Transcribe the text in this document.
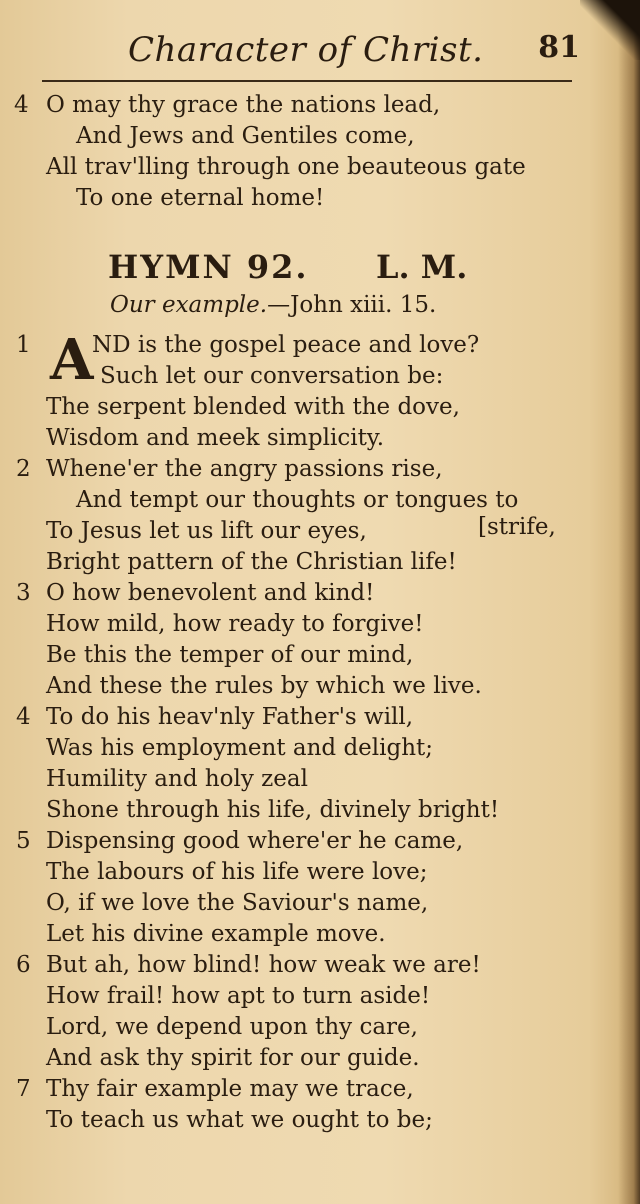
Character of Christ. 81
4 O may thy grace the nations lead,
And Jews and Gentiles come,
All trav'lling through one beauteous gate
To one eternal home!
HYMN 92. L. M.
Our example.—John xiii. 15.
1 A
ND is the gospel peace and love?
Such let our conversation be:
The serpent blended with the dove,
Wisdom and meek simplicity.
2 Whene'er the angry passions rise,
And tempt our thoughts or tongues to
To Jesus let us lift our eyes,	[strife,
Bright pattern of the Christian life!
3 O how benevolent and kind!
How mild, how ready to forgive!
Be this the temper of our mind,
And these the rules by which we live.
4 To do his heav'nly Father's will,
Was his employment and delight;
Humility and holy zeal
Shone through his life, divinely bright!
5 Dispensing good where'er he came,
The labours of his life were love;
O, if we love the Saviour's name,
Let his divine example move.
6 But ah, how blind! how weak we are!
How frail! how apt to turn aside!
Lord, we depend upon thy care,
And ask thy spirit for our guide.
7 Thy fair example may we trace,
To teach us what we ought to be;
